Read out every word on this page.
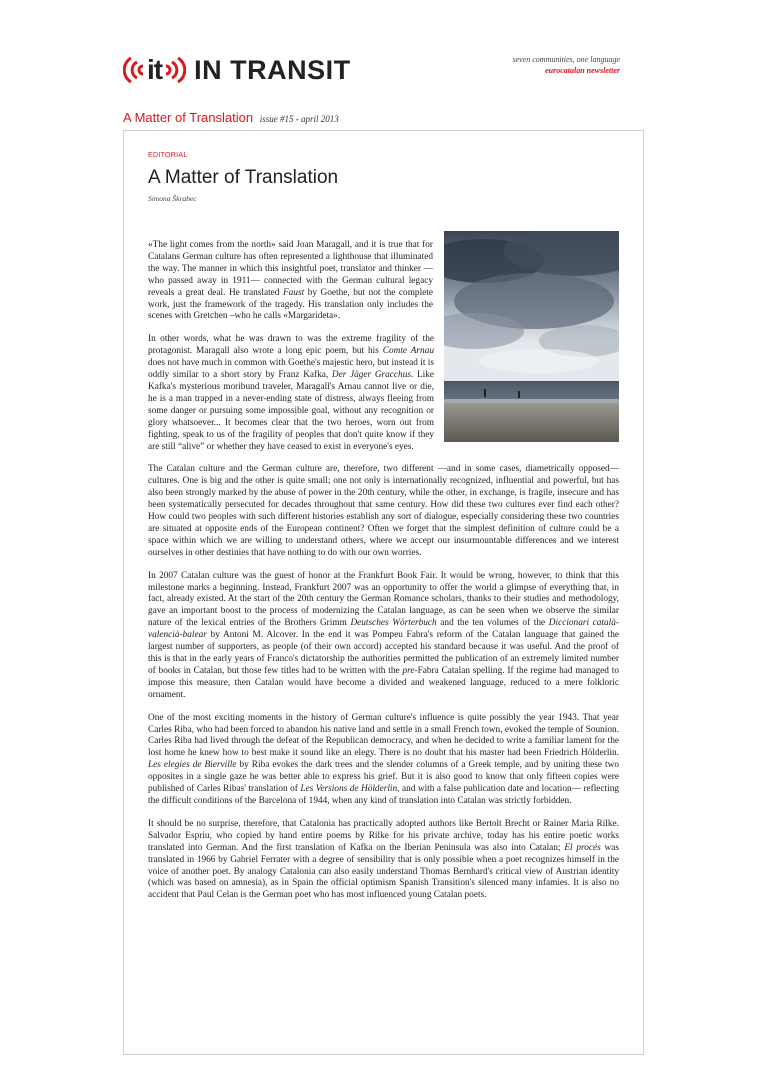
it IN TRANSIT	seven communities, one language
eurocatalan newsletter
A Matter of Translation issue #15 - april 2013
EDITORIAL
A Matter of Translation
Simona Škrabec

«The light comes from the north» said Joan Maragall, and it is true that for Catalans German culture has often represented a lighthouse that illuminated the way. The manner in which this insightful poet, translator and thinker —who passed away in 1911— connected with the German cultural legacy reveals a great deal. He translated Faust by Goethe, but not the complete work, just the framework of the tragedy. His translation only includes the scenes with Gretchen –who he calls «Margarideta».

In other words, what he was drawn to was the extreme fragility of the protagonist. Maragall also wrote a long epic poem, but his Comte Arnau does not have much in common with Goethe's majestic hero, but instead it is oddly similar to a short story by Franz Kafka, Der Jäger Gracchus. Like Kafka's mysterious moribund traveler, Maragall's Arnau cannot live or die, he is a man trapped in a never-ending state of distress, always fleeing from some danger or pursuing some impossible goal, without any recognition or glory whatsoever... It becomes clear that the two heroes, worn out from fighting, speak to us of the fragility of peoples that don't quite know if they are still “alive” or whether they have ceased to exist in everyone's eyes.

The Catalan culture and the German culture are, therefore, two different —and in some cases, diametrically opposed— cultures. One is big and the other is quite small; one not only is internationally recognized, influential and powerful, but has also been strongly marked by the abuse of power in the 20th century, while the other, in exchange, is fragile, insecure and has been systematically persecuted for decades throughout that same century. How did these two cultures ever find each other? How could two peoples with such different histories establish any sort of dialogue, especially considering these two countries are situated at opposite ends of the European continent? Often we forget that the simplest definition of culture could be a space within which we are willing to understand others, where we accept our insurmountable differences and we interest ourselves in other destinies that have nothing to do with our own worries.

In 2007 Catalan culture was the guest of honor at the Frankfurt Book Fair. It would be wrong, however, to think that this milestone marks a beginning. Instead, Frankfurt 2007 was an opportunity to offer the world a glimpse of everything that, in fact, already existed. At the start of the 20th century the German Romance scholars, thanks to their studies and methodology, gave an important boost to the process of modernizing the Catalan language, as can be seen when we observe the similar nature of the lexical entries of the Brothers Grimm Deutsches Wörterbuch and the ten volumes of the Diccionari català-valencià-balear by Antoni M. Alcover. In the end it was Pompeu Fabra's reform of the Catalan language that gained the largest number of supporters, as people (of their own accord) accepted his standard because it was useful. And the proof of this is that in the early years of Franco's dictatorship the authorities permitted the publication of an extremely limited number of books in Catalan, but those few titles had to be written with the pre-Fabra Catalan spelling. If the regime had managed to impose this measure, then Catalan would have become a divided and weakened language, reduced to a mere folkloric ornament.

One of the most exciting moments in the history of German culture's influence is quite possibly the year 1943. That year Carles Riba, who had been forced to abandon his native land and settle in a small French town, evoked the temple of Sounion. Carles Riba had lived through the defeat of the Republican democracy, and when he decided to write a familiar lament for the lost home he knew how to best make it sound like an elegy. There is no doubt that his master had been Friedrich Hölderlin. Les elegies de Bierville by Riba evokes the dark trees and the slender columns of a Greek temple, and by uniting these two opposites in a single gaze he was better able to express his grief. But it is also good to know that only fifteen copies were published of Carles Ribas' translation of Les Versions de Hölderlin, and with a false publication date and location— reflecting the difficult conditions of the Barcelona of 1944, when any kind of translation into Catalan was strictly forbidden.

It should be no surprise, therefore, that Catalonia has practically adopted authors like Bertolt Brecht or Rainer Maria Rilke. Salvador Espriu, who copied by hand entire poems by Rilke for his private archive, today has his entire poetic works translated into German. And the first translation of Kafka on the Iberian Peninsula was also into Catalan; El procés was translated in 1966 by Gabriel Ferrater with a degree of sensibility that is only possible when a poet recognizes himself in the voice of another poet. By analogy Catalonia can also easily understand Thomas Bernhard's critical view of Austrian identity (which was based on amnesia), as in Spain the official optimism Spanish Transition's silenced many infamies. It is also no accident that Paul Celan is the German poet who has most influenced young Catalan poets.
